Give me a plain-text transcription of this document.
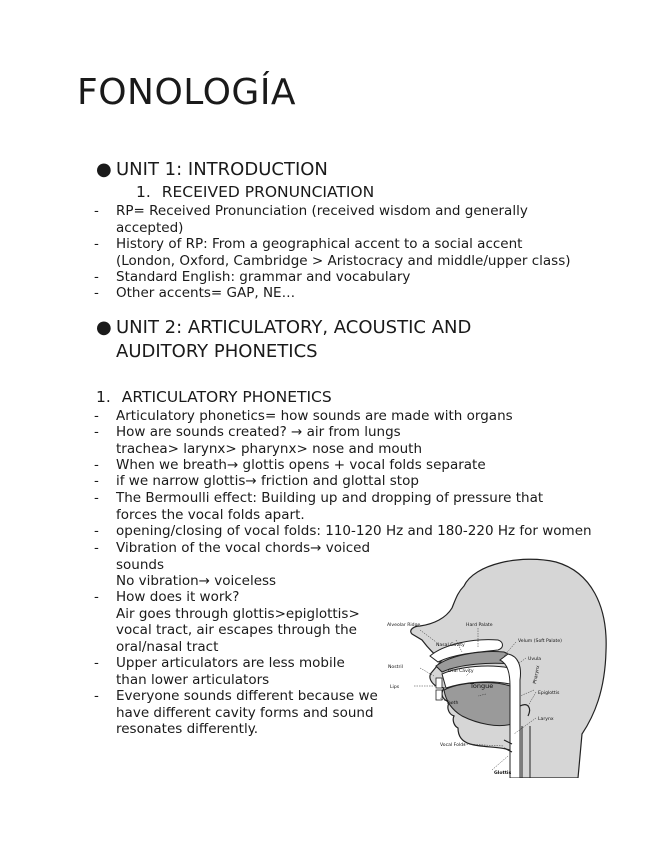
FONOLOGÍA
● UNIT 1: INTRODUCTION
1. RECEIVED PRONUNCIATION
-	RP= Received Pronunciation (received wisdom and generally
accepted)
-	History of RP: From a geographical accent to a social accent
(London, Oxford, Cambridge > Aristocracy and middle/upper class)
-	Standard English: grammar and vocabulary
-	Other accents= GAP, NE…
● UNIT 2: ARTICULATORY, ACOUSTIC AND
AUDITORY PHONETICS
1. ARTICULATORY PHONETICS
-	Articulatory phonetics= how sounds are made with organs
-	How are sounds created? → air from lungs
trachea> larynx> pharynx> nose and mouth
-	When we breath→ glottis opens + vocal folds separate
-	if we narrow glottis→ friction and glottal stop
-	The Bermoulli effect: Building up and dropping of pressure that
forces the vocal folds apart.
-	opening/closing of vocal folds: 110-120 Hz and 180-220 Hz for women
-	Vibration of the vocal chords→ voiced
sounds
No vibration→ voiceless
-	How does it work?
Air goes through glottis>epiglottis>
vocal tract, air escapes through the
oral/nasal tract
-	Upper articulators are less mobile
than lower articulators
-	Everyone sounds different because we
have different cavity forms and sound
resonates differently.
Alveolar Ridge	Hard Palate
Nasal Cavity
Velum (Soft Palate)
Uvula
Oral Cavity
Nostril
Lips	Tongue
Teeth
Pharynx
Epiglottis
Larynx
Vocal Folds
Glottis
